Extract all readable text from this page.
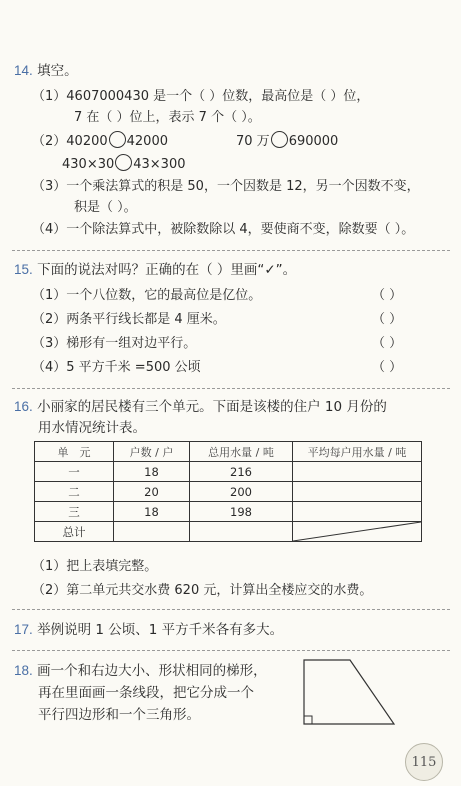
14. 填空。
（1）4607000430 是一个（ ）位数，最高位是（ ）位，
7 在（ ）位上，表示 7 个（ ）。
（2）40200 42000	70 万 690000
430×30 43×300
（3）一个乘法算式的积是 50，一个因数是 12，另一个因数不变，
积是（ ）。
（4）一个除法算式中，被除数除以 4，要使商不变，除数要（ ）。
15. 下面的说法对吗？正确的在（ ）里画“✓”。
（1）一个八位数，它的最高位是亿位。	（ ）
（2）两条平行线长都是 4 厘米。	（ ）
（3）梯形有一组对边平行。	（ ）
（4）5 平方千米 =500 公顷	（ ）
16. 小丽家的居民楼有三个单元。下面是该楼的住户 10 月份的
用水情况统计表。
单　元	户数 / 户	总用水量 / 吨	平均每户用水量 / 吨
一	18	216	
二	20	200	
三	18	198	
总计			
（1）把上表填完整。
（2）第二单元共交水费 620 元，计算出全楼应交的水费。
17. 举例说明 1 公顷、1 平方千米各有多大。
18. 画一个和右边大小、形状相同的梯形，
再在里面画一条线段，把它分成一个
平行四边形和一个三角形。
115
